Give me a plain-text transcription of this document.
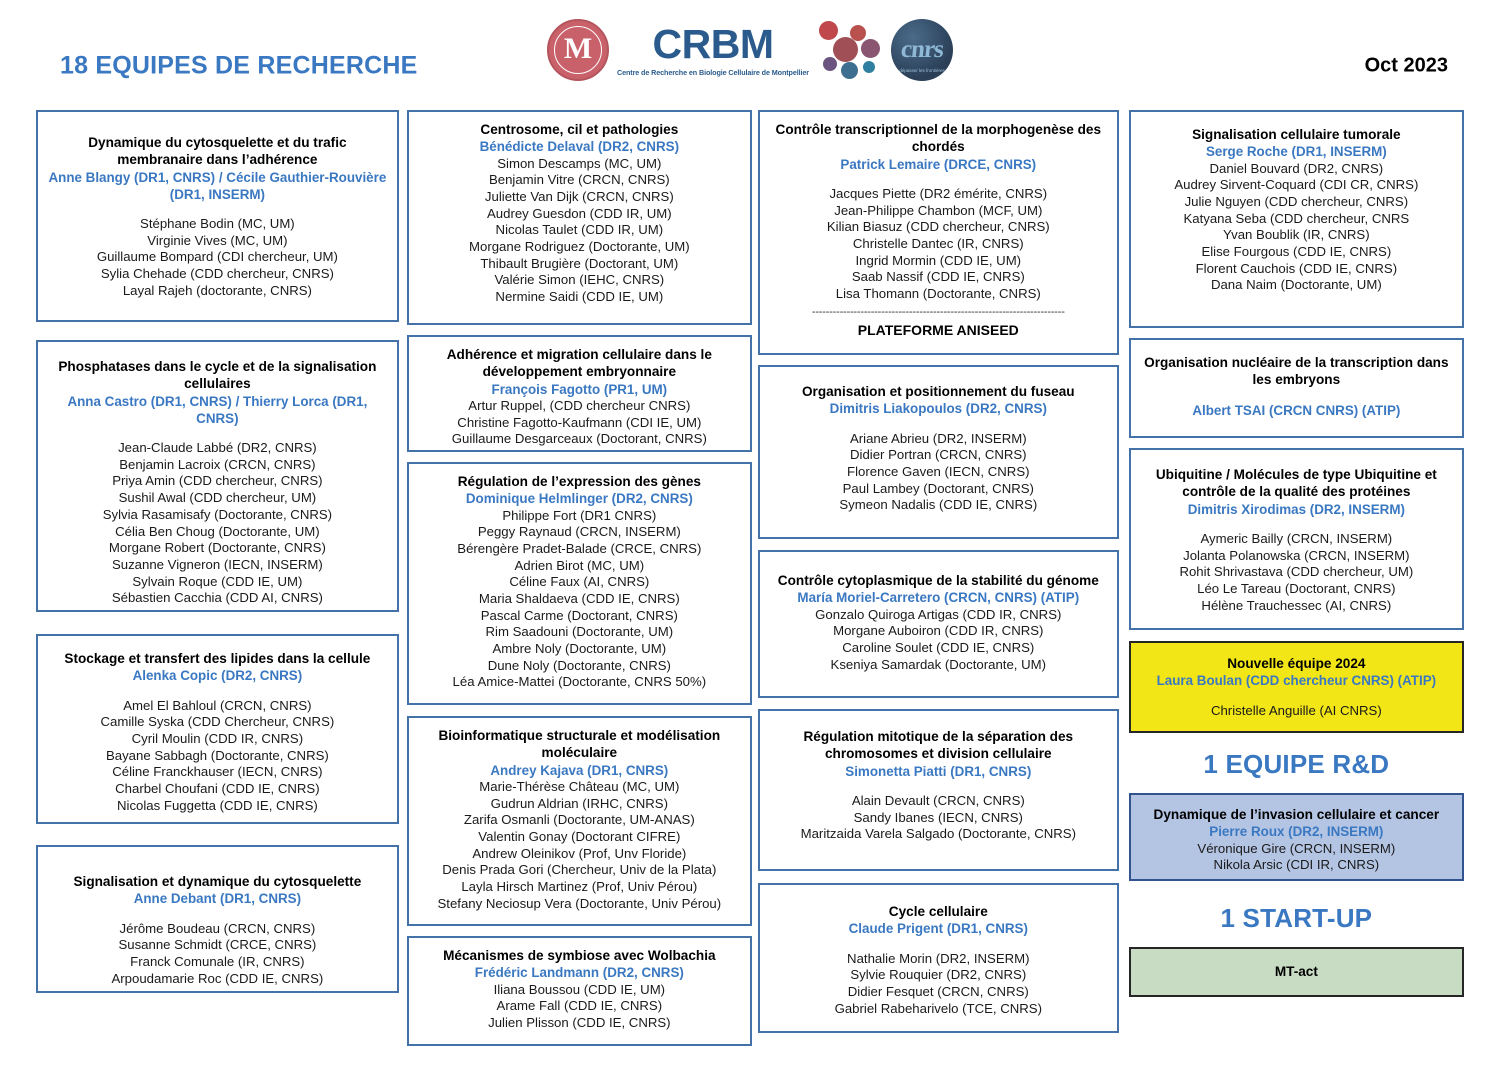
18 EQUIPES DE RECHERCHE
M CRBM
Centre de Recherche en Biologie Cellulaire de Montpellier
cnrs
dépasser les frontières	Oct 2023
Dynamique du cytosquelette et du trafic membranaire dans l’adhérence
Anne Blangy (DR1, CNRS) / Cécile Gauthier-Rouvière (DR1, INSERM)
Stéphane Bodin (MC, UM)
Virginie Vives (MC, UM)
Guillaume Bompard (CDI chercheur, UM)
Sylia Chehade (CDD chercheur, CNRS)
Layal Rajeh (doctorante, CNRS)
Phosphatases dans le cycle et de la signalisation cellulaires
Anna Castro (DR1, CNRS) / Thierry Lorca (DR1, CNRS)
Jean-Claude Labbé (DR2, CNRS)
Benjamin Lacroix (CRCN, CNRS)
Priya Amin (CDD chercheur, CNRS)
Sushil Awal (CDD chercheur, UM)
Sylvia Rasamisafy (Doctorante, CNRS)
Célia Ben Choug (Doctorante, UM)
Morgane Robert (Doctorante, CNRS)
Suzanne Vigneron (IECN, INSERM)
Sylvain Roque (CDD IE, UM)
Sébastien Cacchia (CDD AI, CNRS)
Stockage et transfert des lipides dans la cellule
Alenka Copic (DR2, CNRS)
Amel El Bahloul (CRCN, CNRS)
Camille Syska (CDD Chercheur, CNRS)
Cyril Moulin (CDD IR, CNRS)
Bayane Sabbagh (Doctorante, CNRS)
Céline Franckhauser (IECN, CNRS)
Charbel Choufani (CDD IE, CNRS)
Nicolas Fuggetta (CDD IE, CNRS)
Signalisation et dynamique du cytosquelette
Anne Debant (DR1, CNRS)
Jérôme Boudeau (CRCN, CNRS)
Susanne Schmidt (CRCE, CNRS)
Franck Comunale (IR, CNRS)
Arpoudamarie Roc (CDD IE, CNRS)
Centrosome, cil et pathologies
Bénédicte Delaval (DR2, CNRS)
Simon Descamps (MC, UM)
Benjamin Vitre (CRCN, CNRS)
Juliette Van Dijk (CRCN, CNRS)
Audrey Guesdon (CDD IR, UM)
Nicolas Taulet (CDD IR, UM)
Morgane Rodriguez (Doctorante, UM)
Thibault Brugière (Doctorant, UM)
Valérie Simon (IEHC, CNRS)
Nermine Saidi (CDD IE, UM)
Adhérence et migration cellulaire dans le développement embryonnaire
François Fagotto (PR1, UM)
Artur Ruppel, (CDD chercheur CNRS)
Christine Fagotto-Kaufmann (CDI IE, UM)
Guillaume Desgarceaux (Doctorant, CNRS)
Régulation de l’expression des gènes
Dominique Helmlinger (DR2, CNRS)
Philippe Fort (DR1 CNRS)
Peggy Raynaud (CRCN, INSERM)
Bérengère Pradet-Balade (CRCE, CNRS)
Adrien Birot (MC, UM)
Céline Faux (AI, CNRS)
Maria Shaldaeva (CDD IE, CNRS)
Pascal Carme (Doctorant, CNRS)
Rim Saadouni (Doctorante, UM)
Ambre Noly (Doctorante, UM)
Dune Noly (Doctorante, CNRS)
Léa Amice-Mattei (Doctorante, CNRS 50%)
Bioinformatique structurale et modélisation moléculaire
Andrey Kajava (DR1, CNRS)
Marie-Thérèse Château (MC, UM)
Gudrun Aldrian (IRHC, CNRS)
Zarifa Osmanli (Doctorante, UM-ANAS)
Valentin Gonay (Doctorant CIFRE)
Andrew Oleinikov (Prof, Unv Floride)
Denis Prada Gori (Chercheur, Univ de la Plata)
Layla Hirsch Martinez (Prof, Univ Pérou)
Stefany Neciosup Vera (Doctorante, Univ Pérou)
Mécanismes de symbiose avec Wolbachia
Frédéric Landmann (DR2, CNRS)
Iliana Boussou (CDD IE, UM)
Arame Fall (CDD IE, CNRS)
Julien Plisson (CDD IE, CNRS)
Contrôle transcriptionnel de la morphogenèse des chordés
Patrick Lemaire (DRCE, CNRS)
Jacques Piette (DR2 émérite, CNRS)
Jean-Philippe Chambon (MCF, UM)
Kilian Biasuz (CDD chercheur, CNRS)
Christelle Dantec (IR, CNRS)
Ingrid Mormin (CDD IE, UM)
Saab Nassif (CDD IE, CNRS)
Lisa Thomann (Doctorante, CNRS)
-------------------------------------------------------------------------
PLATEFORME ANISEED
Organisation et positionnement du fuseau
Dimitris Liakopoulos (DR2, CNRS)
Ariane Abrieu (DR2, INSERM)
Didier Portran (CRCN, CNRS)
Florence Gaven (IECN, CNRS)
Paul Lambey (Doctorant, CNRS)
Symeon Nadalis (CDD IE, CNRS)
Contrôle cytoplasmique de la stabilité du génome
María Moriel-Carretero (CRCN, CNRS) (ATIP)
Gonzalo Quiroga Artigas (CDD IR, CNRS)
Morgane Auboiron (CDD IR, CNRS)
Caroline Soulet (CDD IE, CNRS)
Kseniya Samardak (Doctorante, UM)
Régulation mitotique de la séparation des chromosomes et division cellulaire
Simonetta Piatti (DR1, CNRS)
Alain Devault (CRCN, CNRS)
Sandy Ibanes (IECN, CNRS)
Maritzaida Varela Salgado (Doctorante, CNRS)
Cycle cellulaire
Claude Prigent (DR1, CNRS)
Nathalie Morin (DR2, INSERM)
Sylvie Rouquier (DR2, CNRS)
Didier Fesquet (CRCN, CNRS)
Gabriel Rabeharivelo (TCE, CNRS)
Signalisation cellulaire tumorale
Serge Roche (DR1, INSERM)
Daniel Bouvard (DR2, CNRS)
Audrey Sirvent-Coquard (CDI CR, CNRS)
Julie Nguyen (CDD chercheur, CNRS)
Katyana Seba (CDD chercheur, CNRS
Yvan Boublik (IR, CNRS)
Elise Fourgous (CDD IE, CNRS)
Florent Cauchois (CDD IE, CNRS)
Dana Naim (Doctorante, UM)
Organisation nucléaire de la transcription dans les embryons
Albert TSAI (CRCN CNRS) (ATIP)
Ubiquitine / Molécules de type Ubiquitine et contrôle de la qualité des protéines
Dimitris Xirodimas (DR2, INSERM)
Aymeric Bailly (CRCN, INSERM)
Jolanta Polanowska (CRCN, INSERM)
Rohit Shrivastava (CDD chercheur, UM)
Léo Le Tareau (Doctorant, CNRS)
Hélène Trauchessec (AI, CNRS)
Nouvelle équipe 2024
Laura Boulan (CDD chercheur CNRS) (ATIP)
Christelle Anguille (AI CNRS)
1 EQUIPE R&D
Dynamique de l’invasion cellulaire et cancer
Pierre Roux (DR2, INSERM)
Véronique Gire (CRCN, INSERM)
Nikola Arsic (CDI IR, CNRS)
1 START-UP
MT-act
